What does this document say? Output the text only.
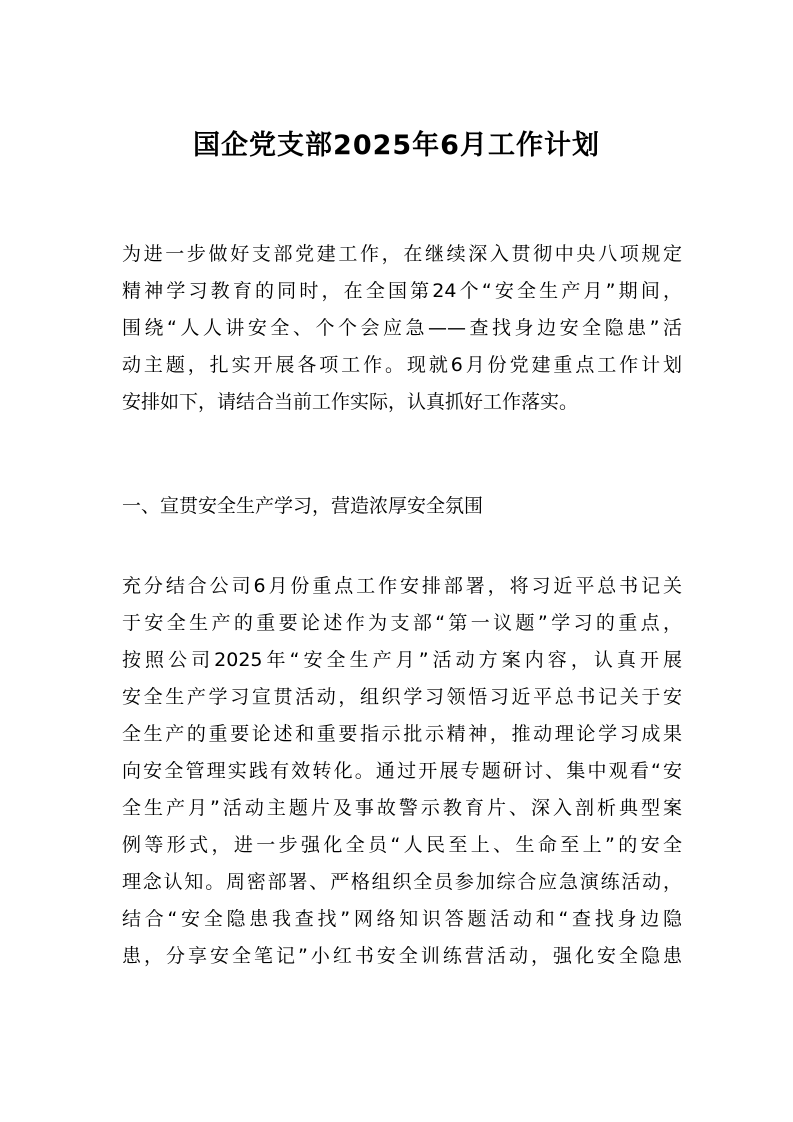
国企党支部2025年6月工作计划
为进一步做好支部党建工作，在继续深入贯彻中央八项规定
精神学习教育的同时，在全国第24个“安全生产月”期间，
围绕“人人讲安全、个个会应急——查找身边安全隐患”活
动主题，扎实开展各项工作。现就6月份党建重点工作计划
安排如下，请结合当前工作实际，认真抓好工作落实。
一、宣贯安全生产学习，营造浓厚安全氛围
充分结合公司6月份重点工作安排部署，将习近平总书记关
于安全生产的重要论述作为支部“第一议题”学习的重点，
按照公司2025年“安全生产月”活动方案内容，认真开展
安全生产学习宣贯活动，组织学习领悟习近平总书记关于安
全生产的重要论述和重要指示批示精神，推动理论学习成果
向安全管理实践有效转化。通过开展专题研讨、集中观看“安
全生产月”活动主题片及事故警示教育片、深入剖析典型案
例等形式，进一步强化全员“人民至上、生命至上”的安全
理念认知。周密部署、严格组织全员参加综合应急演练活动，
结合“安全隐患我查找”网络知识答题活动和“查找身边隐
患，分享安全笔记”小红书安全训练营活动，强化安全隐患
